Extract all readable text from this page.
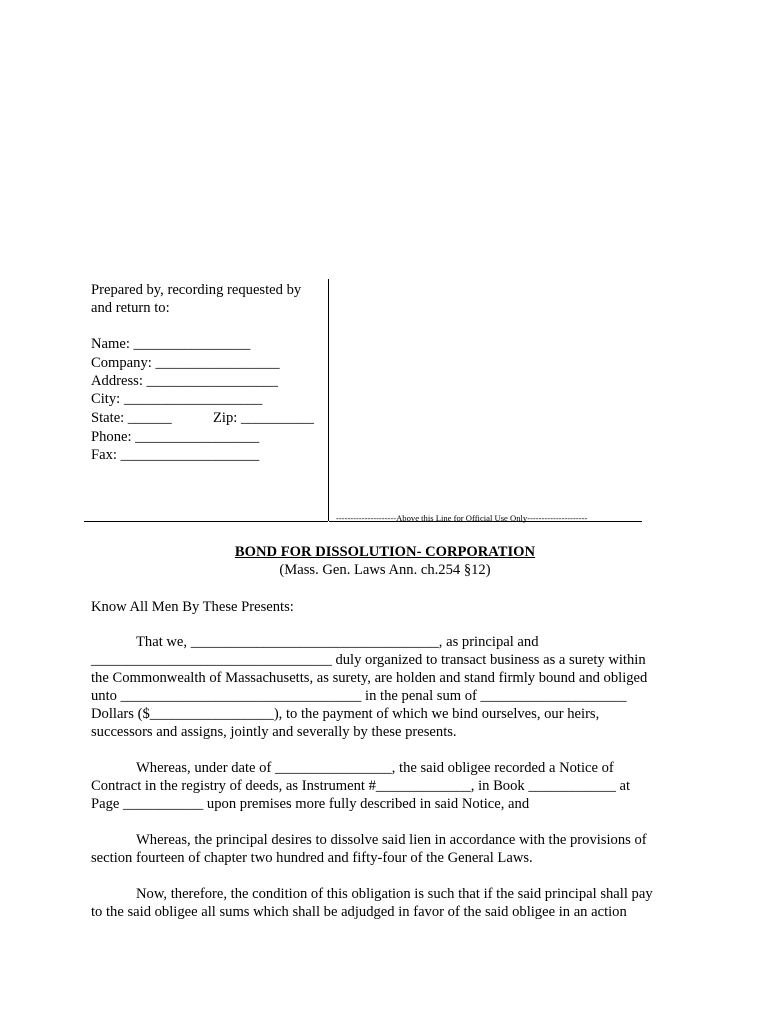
Prepared by, recording requested by
and return to:
Name: ________________
Company: _________________
Address: __________________
City: ___________________
State: ______	Zip: __________
Phone: _________________
Fax: ___________________
---------------------Above this Line for Official Use Only---------------------
BOND FOR DISSOLUTION- CORPORATION
(Mass. Gen. Laws Ann. ch.254 §12)
Know All Men By These Presents:
That we, __________________________________, as principal and
_________________________________ duly organized to transact business as a surety within
the Commonwealth of Massachusetts, as surety, are holden and stand firmly bound and obliged
unto _________________________________ in the penal sum of ____________________
Dollars ($_________________), to the payment of which we bind ourselves, our heirs,
successors and assigns, jointly and severally by these presents.
Whereas, under date of ________________, the said obligee recorded a Notice of
Contract in the registry of deeds, as Instrument #_____________, in Book ____________ at
Page ___________ upon premises more fully described in said Notice, and
Whereas, the principal desires to dissolve said lien in accordance with the provisions of
section fourteen of chapter two hundred and fifty-four of the General Laws.
Now, therefore, the condition of this obligation is such that if the said principal shall pay
to the said obligee all sums which shall be adjudged in favor of the said obligee in an action
